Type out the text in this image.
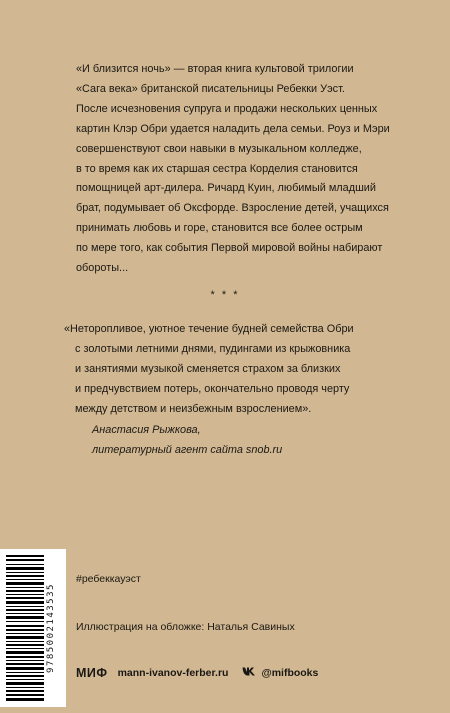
«И близится ночь» — вторая книга культовой трилогии

«Сага века» британской писательницы Ребекки Уэст.

После исчезновения супруга и продажи нескольких ценных

картин Клэр Обри удается наладить дела семьи. Роуз и Мэри

совершенствуют свои навыки в музыкальном колледже,

в то время как их старшая сестра Корделия становится

помощницей арт-дилера. Ричард Куин, любимый младший

брат, подумывает об Оксфорде. Взросление детей, учащихся

принимать любовь и горе, становится все более острым

по мере того, как события Первой мировой войны набирают

обороты...

* * *
«Неторопливое, уютное течение будней семейства Обри
с золотыми летними днями, пудингами из крыжовника
и занятиями музыкой сменяется страхом за близких
и предчувствием потерь, окончательно проводя черту
между детством и неизбежным взрослением».
Анастасия Рыжкова,
литературный агент сайта snob.ru
9785002143535
#ребеккауэст
Иллюстрация на обложке: Наталья Савиных
МИФ mann-ivanov-ferber.ru	@mifbooks
